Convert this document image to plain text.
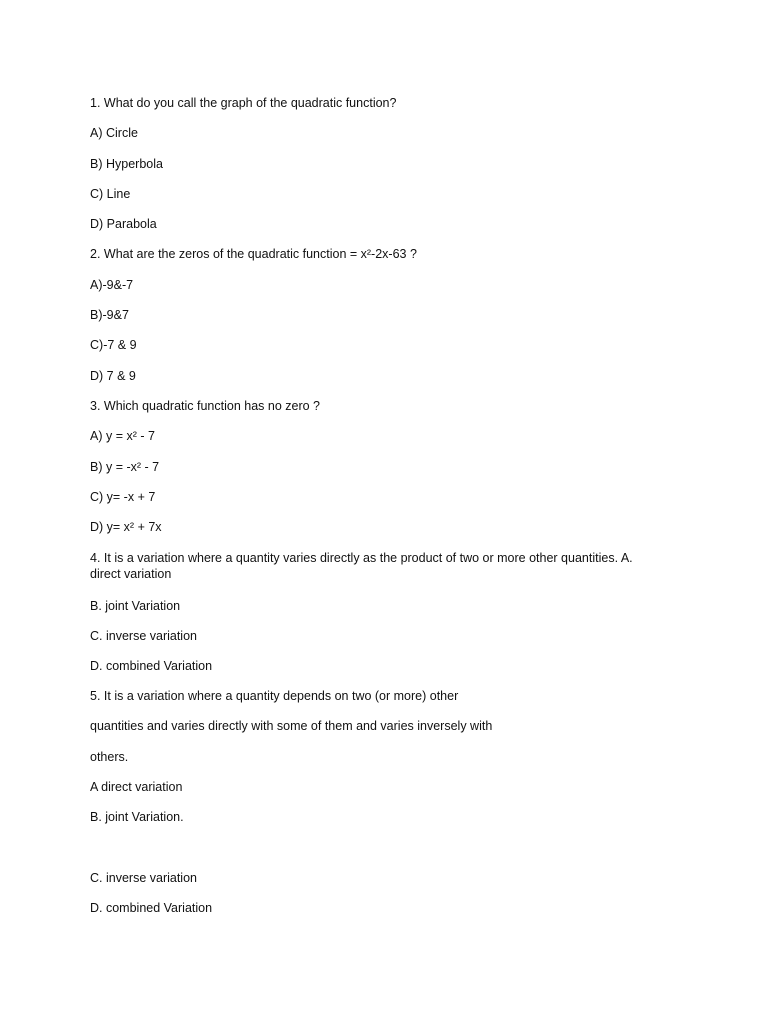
1. What do you call the graph of the quadratic function?
A) Circle
B) Hyperbola
C) Line
D) Parabola
2. What are the zeros of the quadratic function = x²-2x-63 ?
A)-9&-7
B)-9&7
C)-7 & 9
D) 7 & 9
3. Which quadratic function has no zero ?
A) y = x² - 7
B) y = -x² - 7
C) y= -x + 7
D) y= x² + 7x
4. It is a variation where a quantity varies directly as the product of two or more other quantities. A. direct variation
B. joint Variation
C. inverse variation
D. combined Variation
5. It is a variation where a quantity depends on two (or more) other
quantities and varies directly with some of them and varies inversely with
others.
A direct variation
B. joint Variation.
C. inverse variation
D. combined Variation
